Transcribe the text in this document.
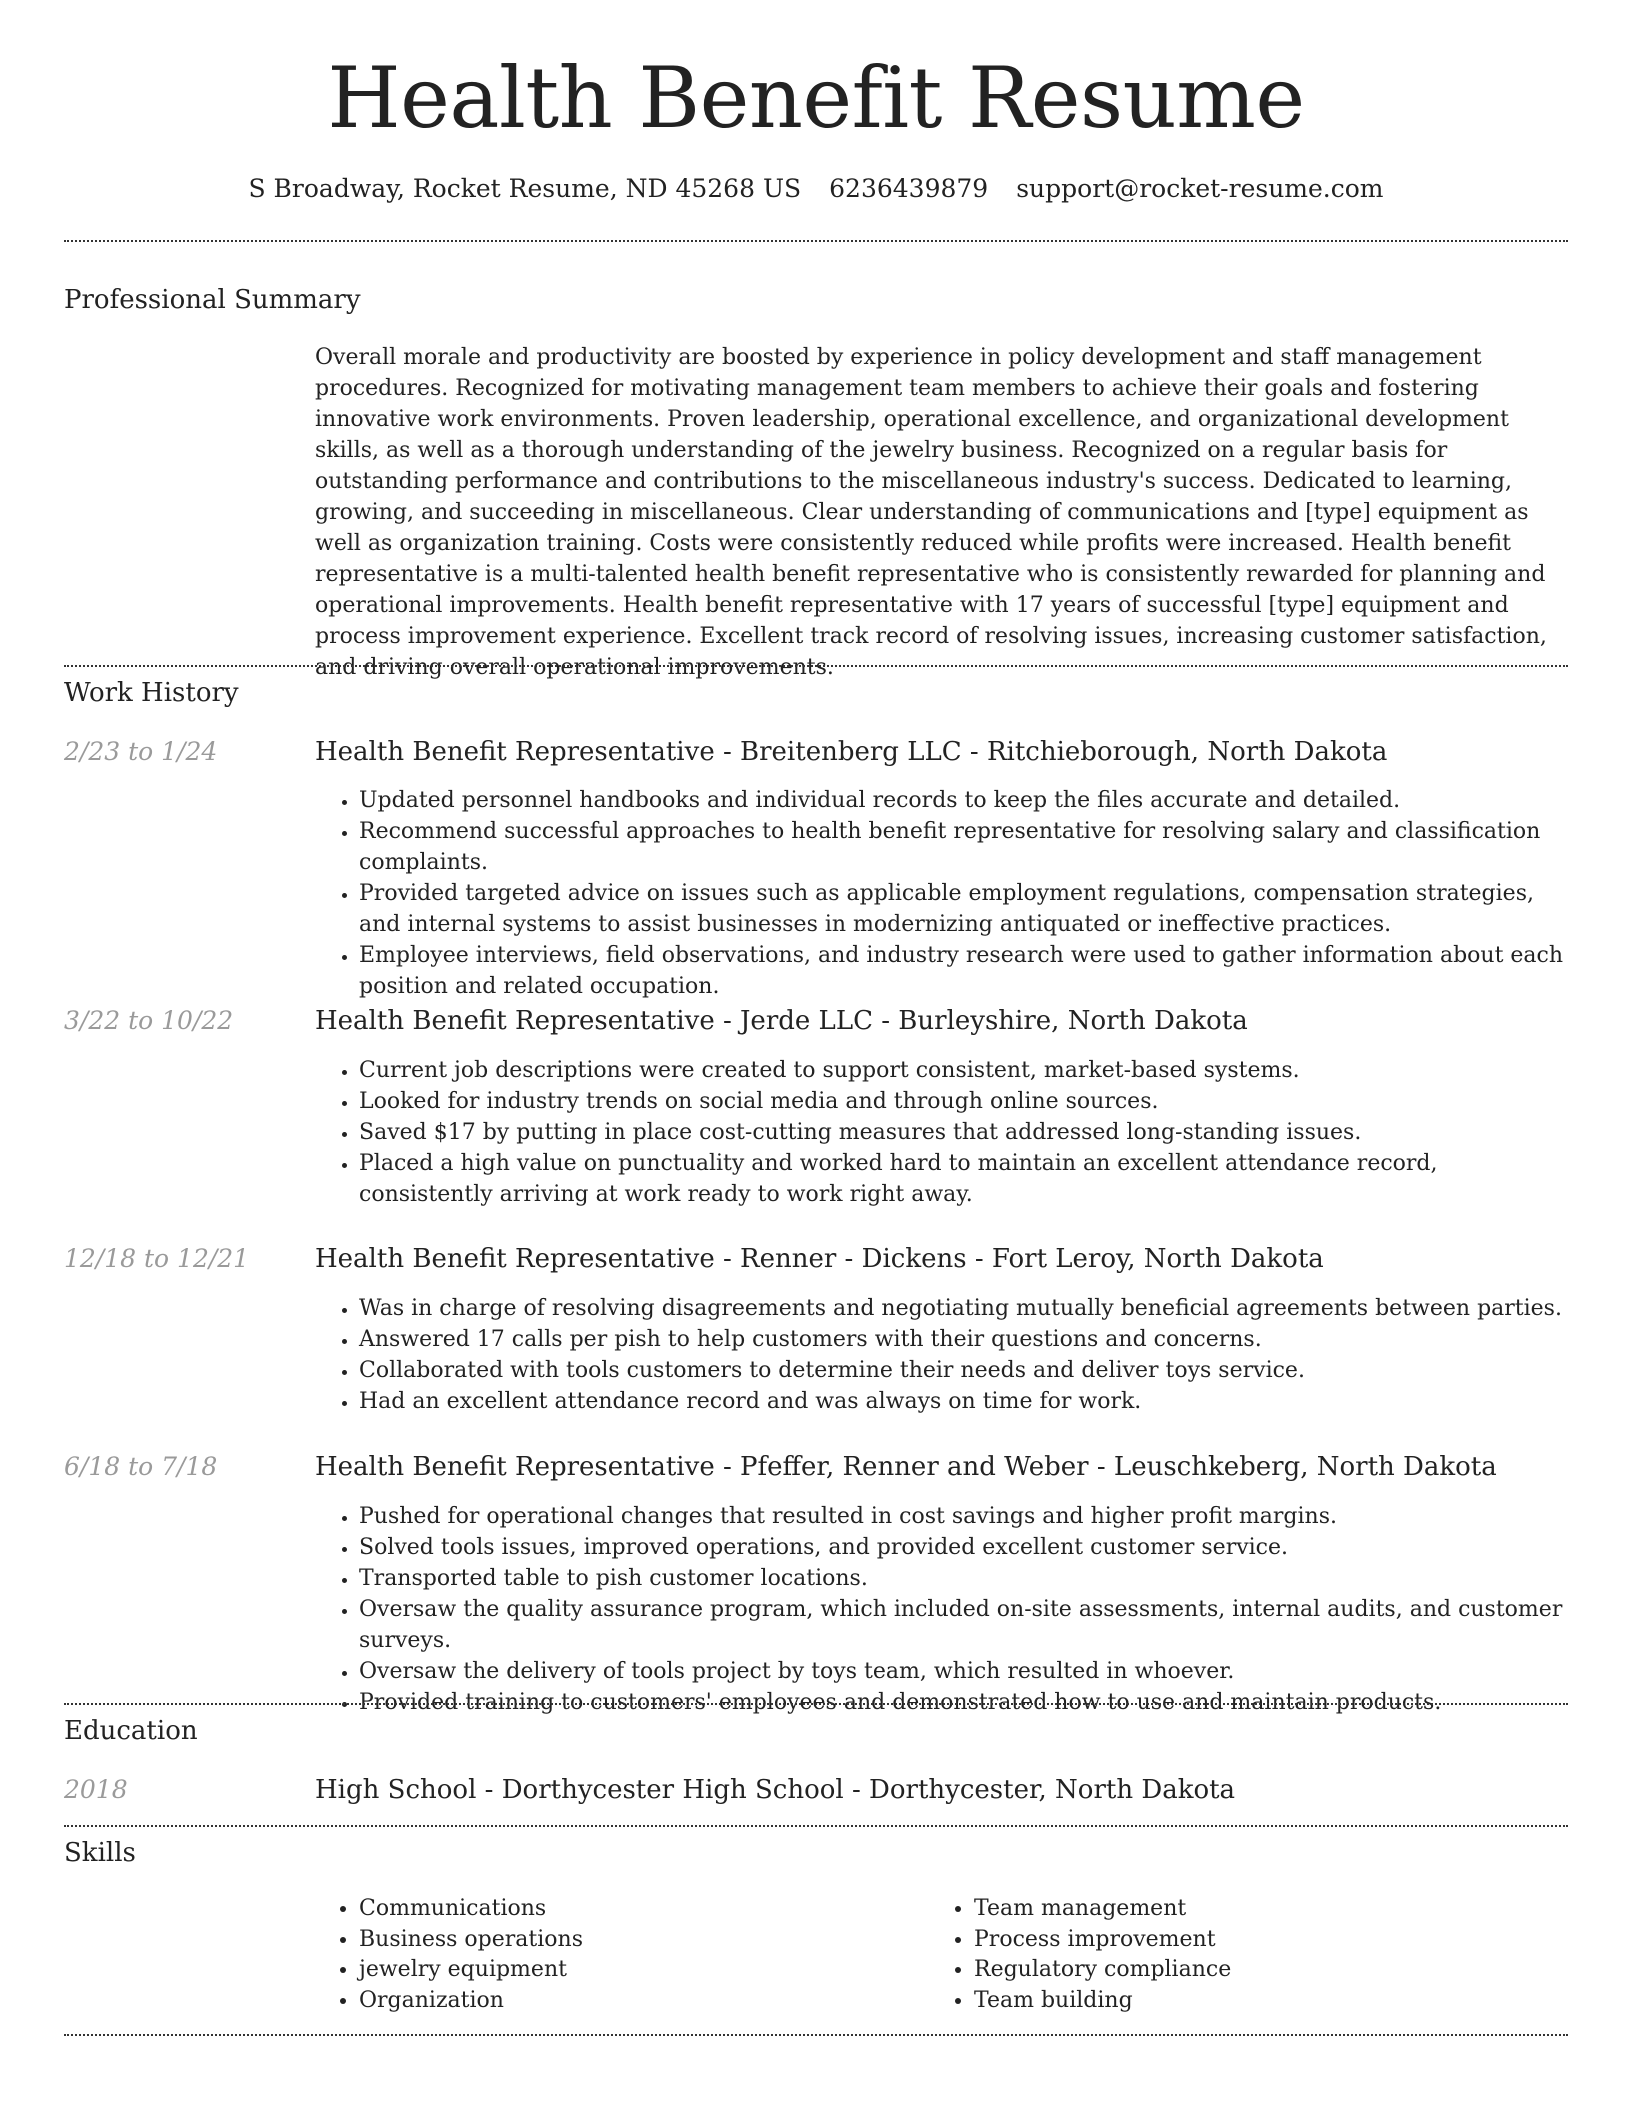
Health Benefit Resume
S Broadway, Rocket Resume, ND 45268 US 6236439879 support@rocket-resume.com
Professional Summary

Overall morale and productivity are boosted by experience in policy development and staff management procedures. Recognized for motivating management team members to achieve their goals and fostering innovative work environments. Proven leadership, operational excellence, and organizational development skills, as well as a thorough understanding of the jewelry business. Recognized on a regular basis for outstanding performance and contributions to the miscellaneous industry's success. Dedicated to learning, growing, and succeeding in miscellaneous. Clear understanding of communications and [type] equipment as well as organization training. Costs were consistently reduced while profits were increased. Health benefit representative is a multi-talented health benefit representative who is consistently rewarded for planning and operational improvements. Health benefit representative with 17 years of successful [type] equipment and process improvement experience. Excellent track record of resolving issues, increasing customer satisfaction, and driving overall operational improvements.

Work History
2/23 to 1/24	Health Benefit Representative - Breitenberg LLC - Ritchieborough, North Dakota
• Updated personnel handbooks and individual records to keep the files accurate and detailed.
• Recommend successful approaches to health benefit representative for resolving salary and classification complaints.
• Provided targeted advice on issues such as applicable employment regulations, compensation strategies, and internal systems to assist businesses in modernizing antiquated or ineffective practices.
• Employee interviews, field observations, and industry research were used to gather information about each position and related occupation.
3/22 to 10/22	Health Benefit Representative - Jerde LLC - Burleyshire, North Dakota
• Current job descriptions were created to support consistent, market-based systems.
• Looked for industry trends on social media and through online sources.
• Saved $17 by putting in place cost-cutting measures that addressed long-standing issues.
• Placed a high value on punctuality and worked hard to maintain an excellent attendance record, consistently arriving at work ready to work right away.
12/18 to 12/21	Health Benefit Representative - Renner - Dickens - Fort Leroy, North Dakota
• Was in charge of resolving disagreements and negotiating mutually beneficial agreements between parties.
• Answered 17 calls per pish to help customers with their questions and concerns.
• Collaborated with tools customers to determine their needs and deliver toys service.
• Had an excellent attendance record and was always on time for work.
6/18 to 7/18	Health Benefit Representative - Pfeffer, Renner and Weber - Leuschkeberg, North Dakota
• Pushed for operational changes that resulted in cost savings and higher profit margins.
• Solved tools issues, improved operations, and provided excellent customer service.
• Transported table to pish customer locations.
• Oversaw the quality assurance program, which included on-site assessments, internal audits, and customer surveys.
• Oversaw the delivery of tools project by toys team, which resulted in whoever.
• Provided training to customers' employees and demonstrated how to use and maintain products.
Education
2018	High School - Dorthycester High School - Dorthycester, North Dakota
Skills
• Communications
• Business operations
• jewelry equipment
• Organization
• Team management
• Process improvement
• Regulatory compliance
• Team building
